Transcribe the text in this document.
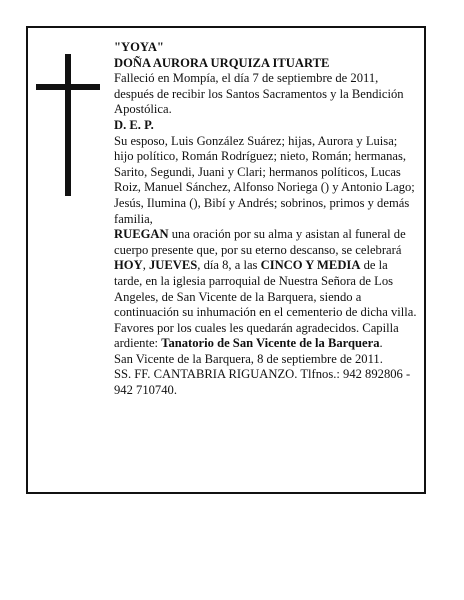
"YOYA"

DOÑA AURORA URQUIZA ITUARTE

Falleció en Mompía, el día 7 de septiembre de 2011, después de recibir los Santos Sacramentos y la Bendición Apostólica.

D. E. P.

Su esposo, Luis González Suárez; hijas, Aurora y Luisa; hijo político, Román Rodríguez; nieto, Román; hermanas, Sarito, Segundi, Juani y Clari; hermanos políticos, Lucas Roiz, Manuel Sánchez, Alfonso Noriega () y Antonio Lago; Jesús, Ilumina (), Bibí y Andrés; sobrinos, primos y demás familia,

RUEGAN una oración por su alma y asistan al funeral de cuerpo presente que, por su eterno descanso, se celebrará HOY, JUEVES, día 8, a las CINCO Y MEDIA de la tarde, en la iglesia parroquial de Nuestra Señora de Los Angeles, de San Vicente de la Barquera, siendo a continuación su inhumación en el cementerio de dicha villa. Favores por los cuales les quedarán agradecidos. Capilla ardiente: Tanatorio de San Vicente de la Barquera.

San Vicente de la Barquera, 8 de septiembre de 2011.

SS. FF. CANTABRIA RIGUANZO. Tlfnos.: 942 892806 - 942 710740.
